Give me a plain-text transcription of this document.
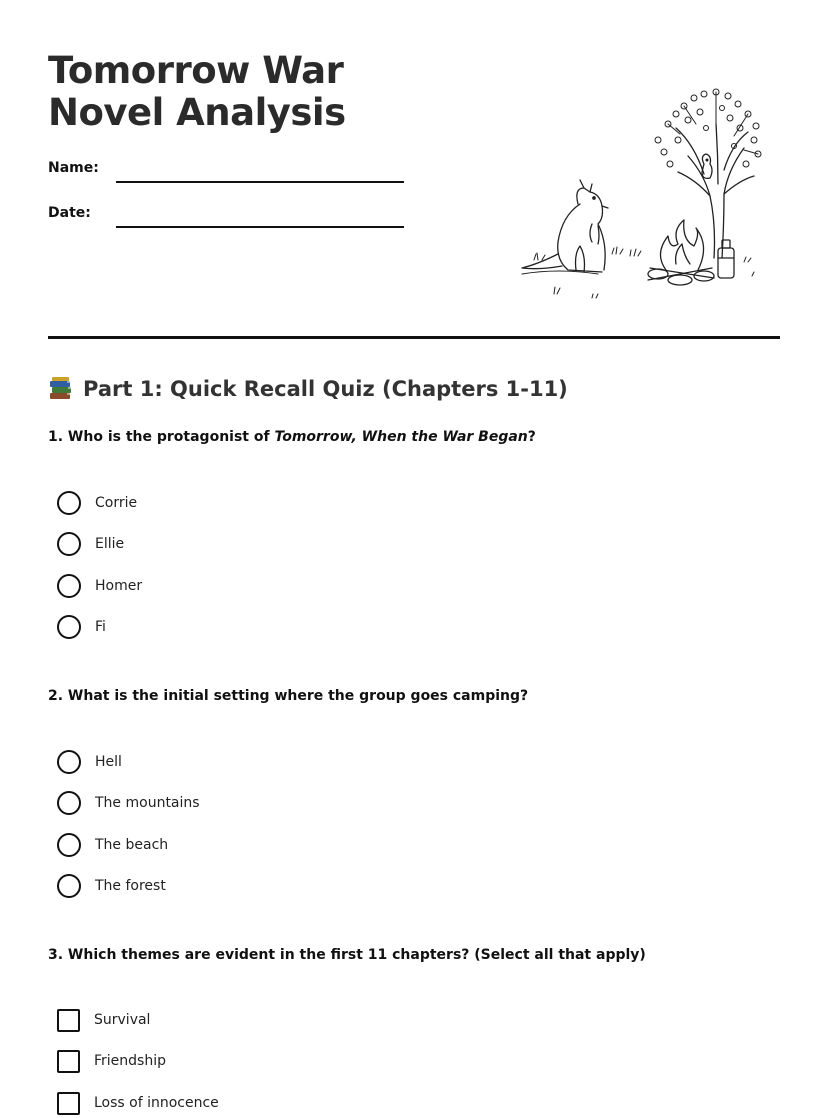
Tomorrow War Novel Analysis
Name:
Date:
Part 1: Quick Recall Quiz (Chapters 1-11)
1. Who is the protagonist of Tomorrow, When the War Began?
Corrie
Ellie
Homer
Fi
2. What is the initial setting where the group goes camping?
Hell
The mountains
The beach
The forest
3. Which themes are evident in the first 11 chapters? (Select all that apply)
Survival
Friendship
Loss of innocence
